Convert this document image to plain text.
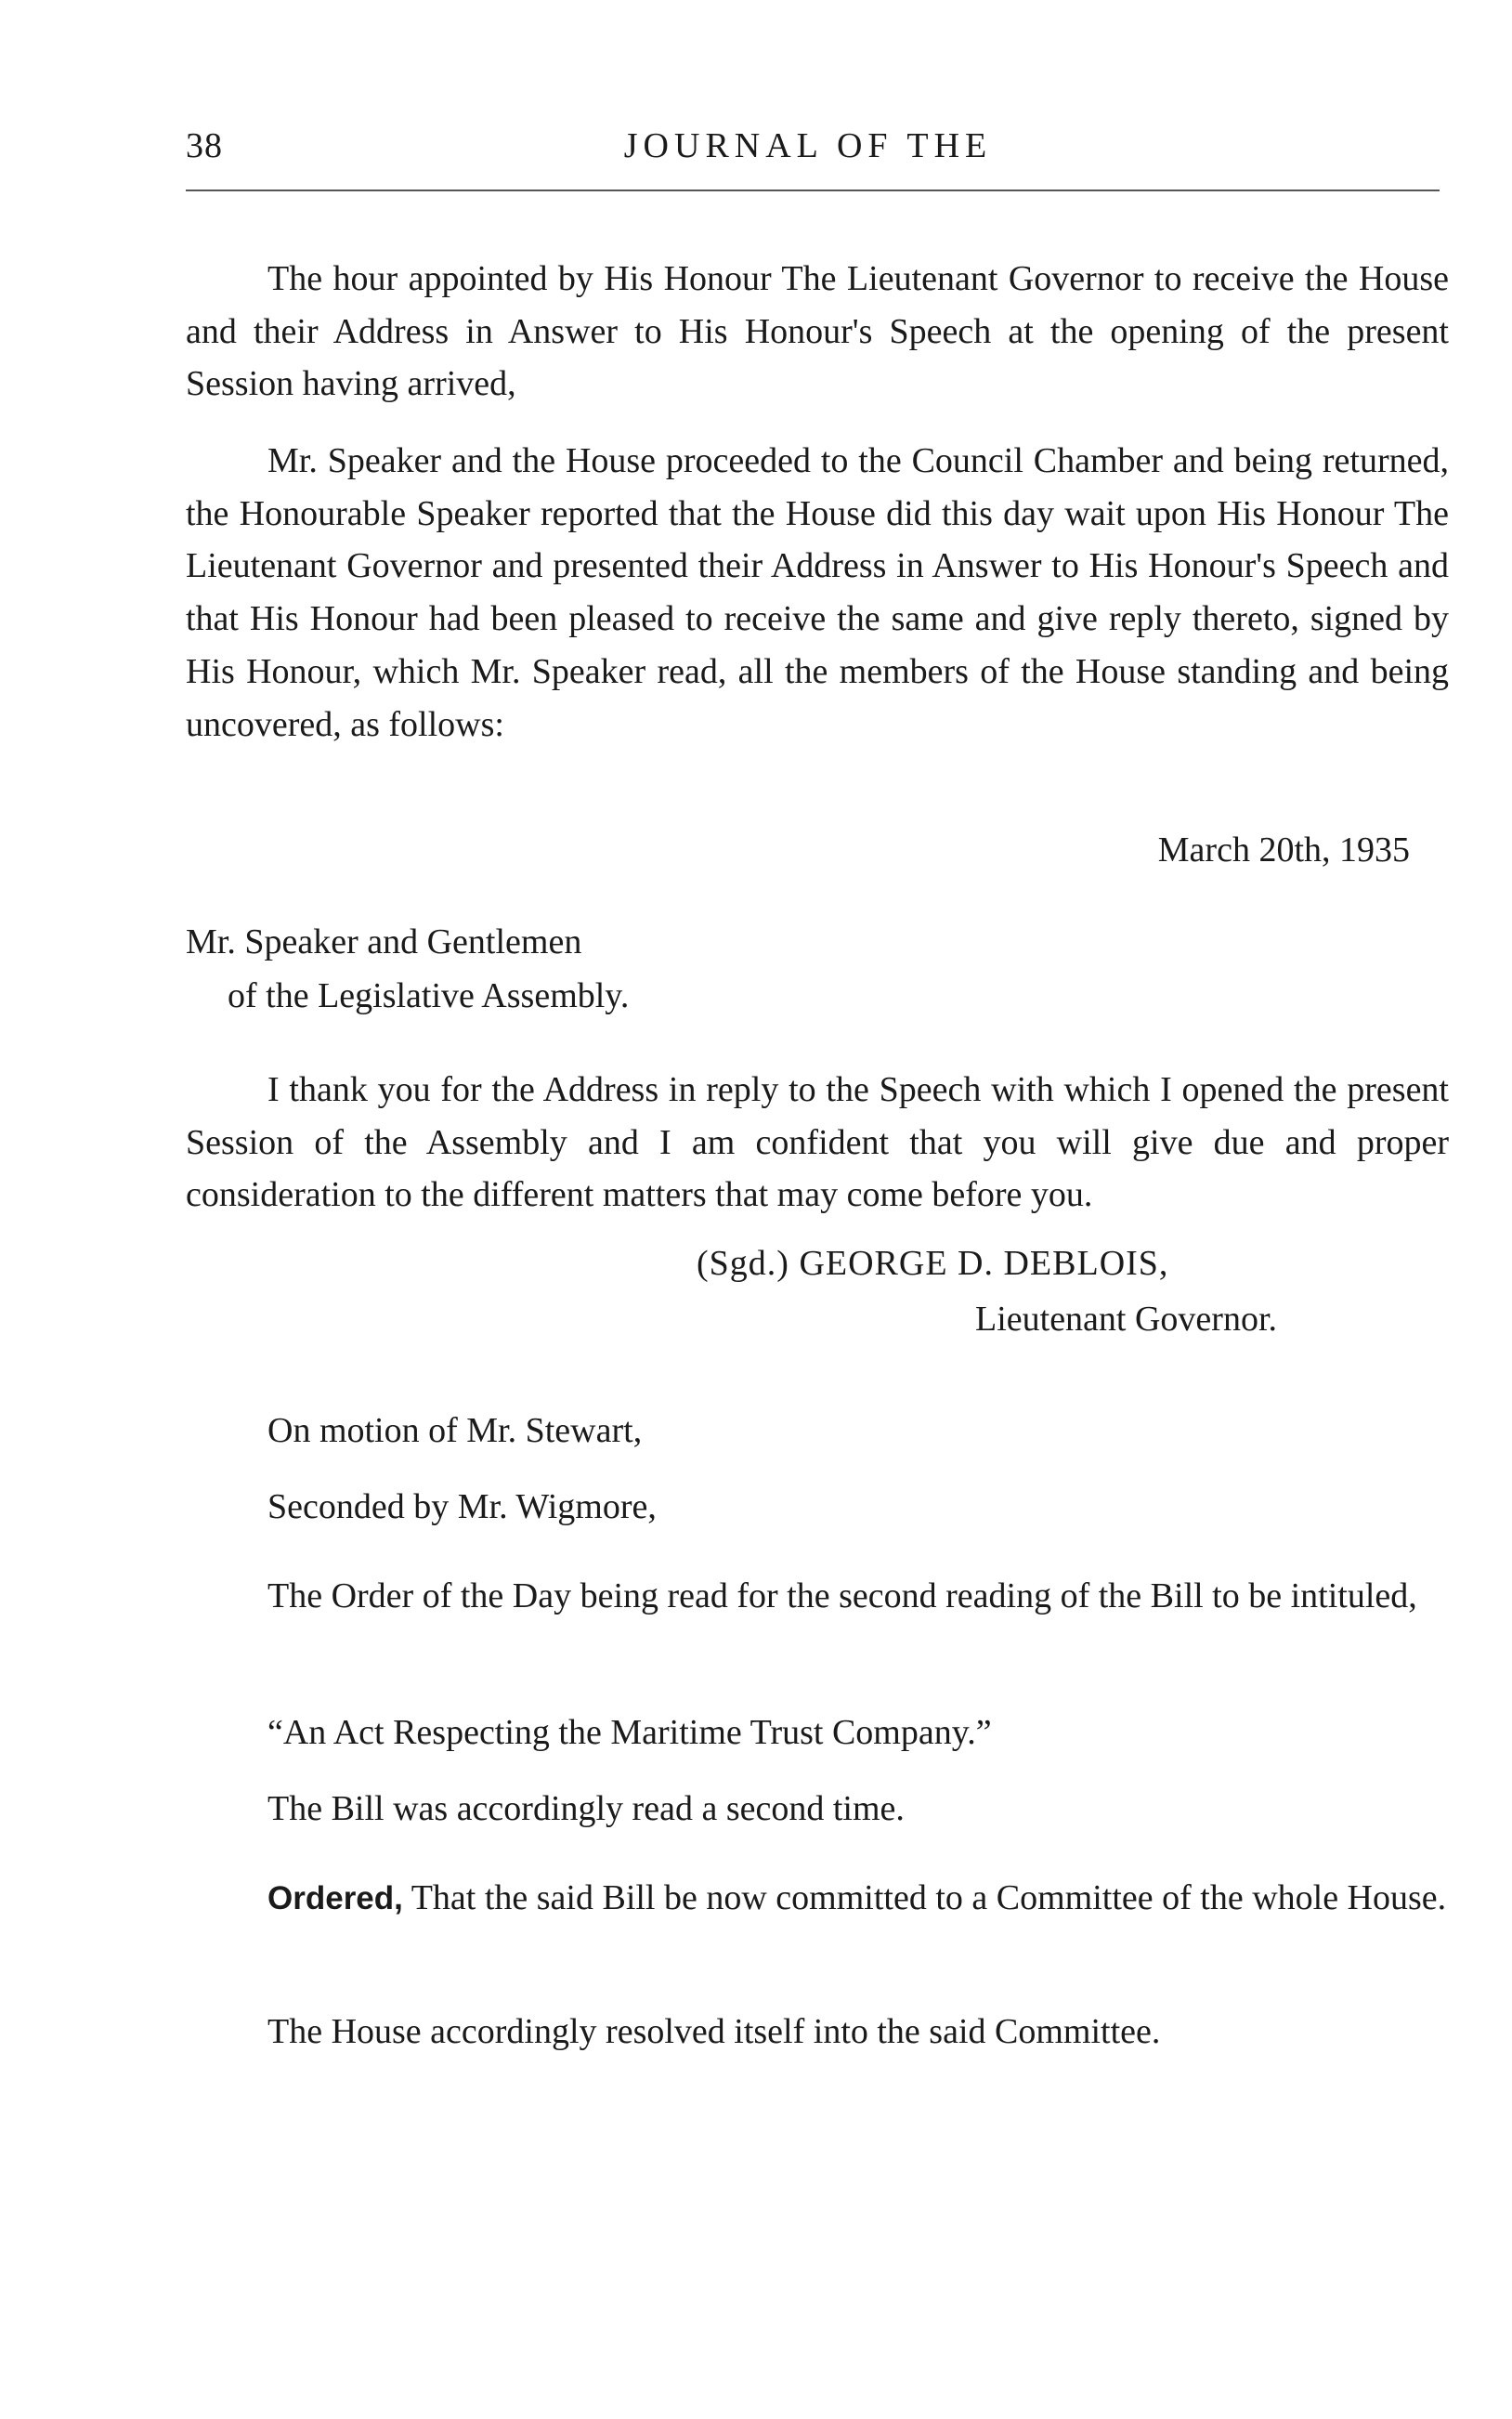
38	JOURNAL OF THE

The hour appointed by His Honour The Lieutenant Governor to receive the House and their Address in Answer to His Honour's Speech at the opening of the present Session having arrived,

Mr. Speaker and the House proceeded to the Council Chamber and being returned, the Honourable Speaker reported that the House did this day wait upon His Honour The Lieutenant Governor and presented their Address in Answer to His Honour's Speech and that His Honour had been pleased to receive the same and give reply thereto, signed by His Honour, which Mr. Speaker read, all the members of the House standing and being uncovered, as follows:

March 20th, 1935
Mr. Speaker and Gentlemen
of the Legislative Assembly.

I thank you for the Address in reply to the Speech with which I opened the present Session of the Assembly and I am confident that you will give due and proper consideration to the different matters that may come before you.

(Sgd.) GEORGE D. DEBLOIS,
Lieutenant Governor.
On motion of Mr. Stewart,
Seconded by Mr. Wigmore,

The Order of the Day being read for the second reading of the Bill to be intituled,

“An Act Respecting the Maritime Trust Company.”
The Bill was accordingly read a second time.

Ordered, That the said Bill be now committed to a Committee of the whole House.

The House accordingly resolved itself into the said Committee.
